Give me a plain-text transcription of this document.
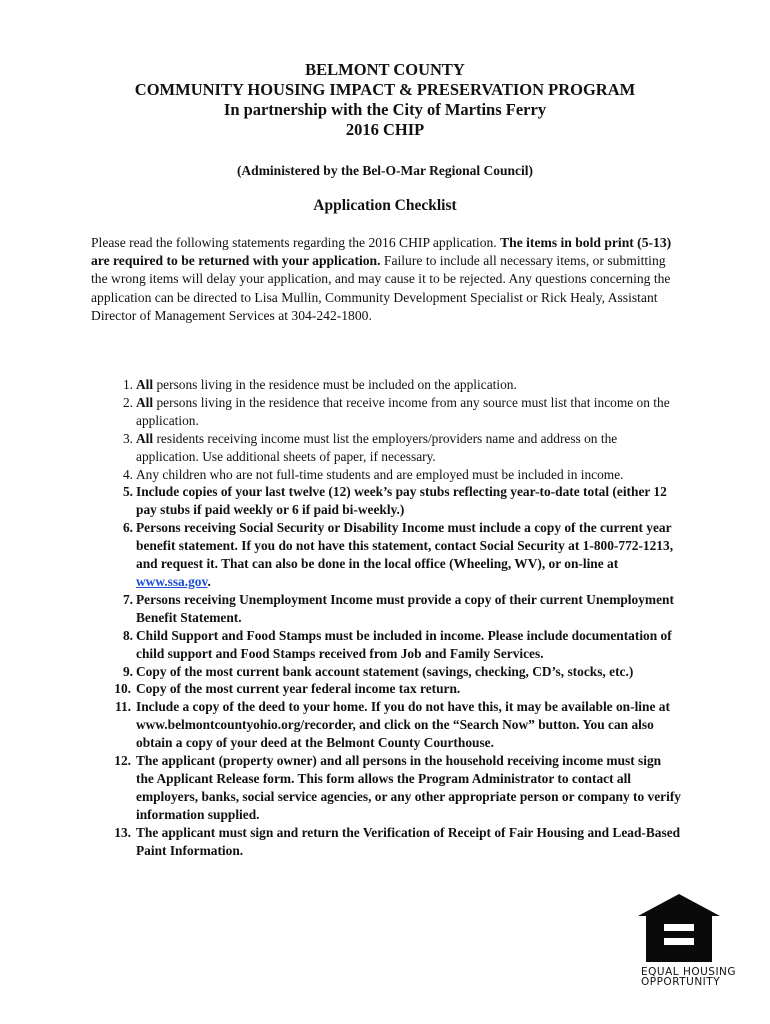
BELMONT COUNTY
COMMUNITY HOUSING IMPACT & PRESERVATION PROGRAM
In partnership with the City of Martins Ferry
2016 CHIP
(Administered by the Bel-O-Mar Regional Council)
Application Checklist

Please read the following statements regarding the 2016 CHIP application. The items in bold print (5-13) are required to be returned with your application. Failure to include all necessary items, or submitting the wrong items will delay your application, and may cause it to be rejected. Any questions concerning the application can be directed to Lisa Mullin, Community Development Specialist or Rick Healy, Assistant Director of Management Services at 304-242-1800.

1. All persons living in the residence must be included on the application.
2. All persons living in the residence that receive income from any source must list that income on the application.
3. All residents receiving income must list the employers/providers name and address on the application. Use additional sheets of paper, if necessary.
4. Any children who are not full-time students and are employed must be included in income.
5. Include copies of your last twelve (12) week’s pay stubs reflecting year-to-date total (either 12 pay stubs if paid weekly or 6 if paid bi-weekly.)
6. Persons receiving Social Security or Disability Income must include a copy of the current year benefit statement. If you do not have this statement, contact Social Security at 1-800-772-1213, and request it. That can also be done in the local office (Wheeling, WV), or on-line at www.ssa.gov.
7. Persons receiving Unemployment Income must provide a copy of their current Unemployment Benefit Statement.
8. Child Support and Food Stamps must be included in income. Please include documentation of child support and Food Stamps received from Job and Family Services.
9. Copy of the most current bank account statement (savings, checking, CD’s, stocks, etc.)
10. Copy of the most current year federal income tax return.
11. Include a copy of the deed to your home. If you do not have this, it may be available on-line at www.belmontcountyohio.org/recorder, and click on the “Search Now” button. You can also obtain a copy of your deed at the Belmont County Courthouse.
12. The applicant (property owner) and all persons in the household receiving income must sign the Applicant Release form. This form allows the Program Administrator to contact all employers, banks, social service agencies, or any other appropriate person or company to verify information supplied.
13. The applicant must sign and return the Verification of Receipt of Fair Housing and Lead-Based Paint Information.
EQUAL HOUSING
OPPORTUNITY
